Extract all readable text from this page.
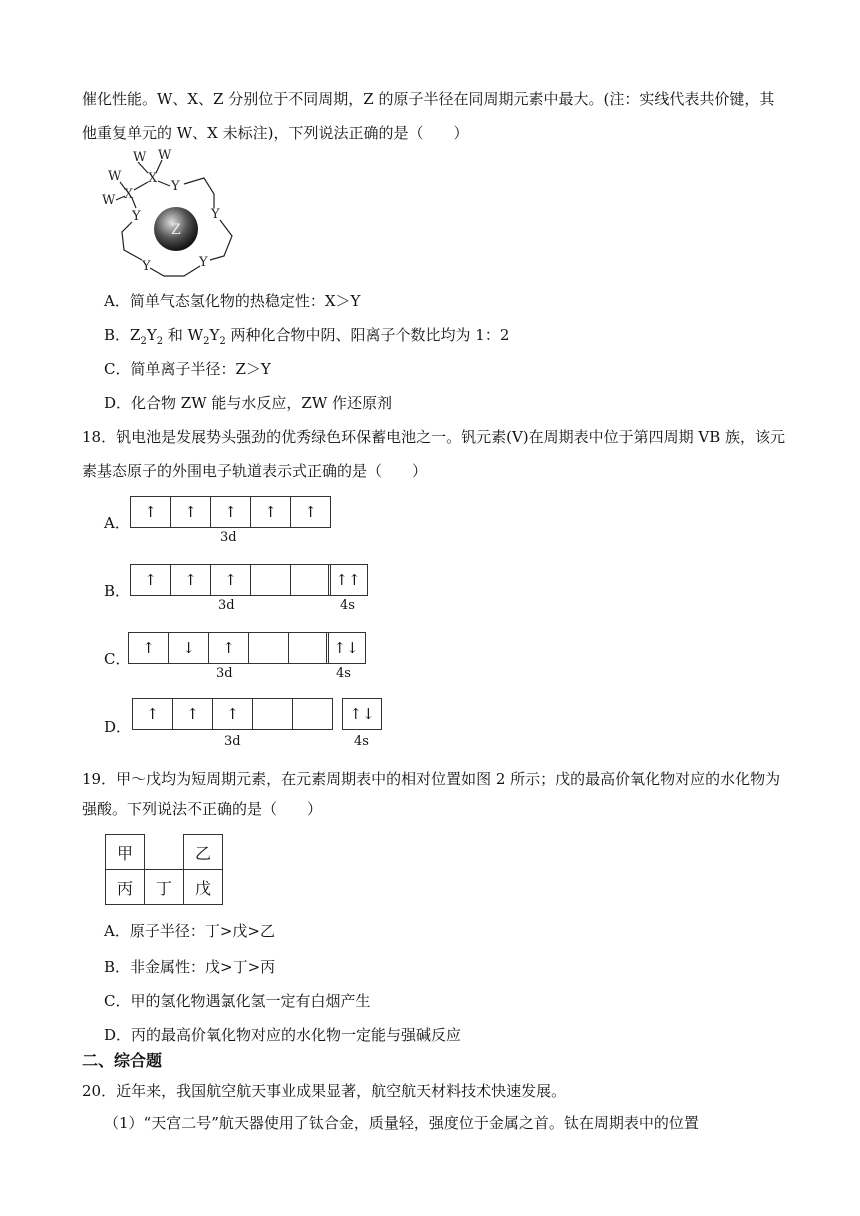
催化性能。W、X、Z 分别位于不同周期，Z 的原子半径在同周期元素中最大。(注：实线代表共价键，其
他重复单元的 W、X 未标注)，下列说法正确的是（　　）
W W
W
W
X
X
Y
Y	Y
Y
Y
Z
A．简单气态氢化物的热稳定性：X＞Y
B．$Z_2Y_2$ 和 $W_2Y_2$ 两种化合物中阴、阳离子个数比均为 1：2
C．简单离子半径：Z＞Y
D．化合物 ZW 能与水反应，ZW 作还原剂
18．钒电池是发展势头强劲的优秀绿色环保蓄电池之一。钒元素(V)在周期表中位于第四周期 VB 族，该元
素基态原子的外围电子轨道表示式正确的是（　　）
A．
↑	↑	↑	↑	↑
3d
B．
↑	↑	↑	↑↑
3d	4s
C．
↑	↓	↑	↑↓
3d	4s
D．
↑	↑	↑	↑↓
3d	4s
19．甲～戊均为短周期元素，在元素周期表中的相对位置如图 2 所示；戊的最高价氧化物对应的水化物为
强酸。下列说法不正确的是（　　）
甲		乙
丙	丁	戊
A．原子半径：丁>戊>乙
B．非金属性：戊>丁>丙
C．甲的氢化物遇氯化氢一定有白烟产生
D．丙的最高价氧化物对应的水化物一定能与强碱反应
二、综合题
20．近年来，我国航空航天事业成果显著，航空航天材料技术快速发展。
（1）“天宫二号”航天器使用了钛合金，质量轻，强度位于金属之首。钛在周期表中的位置
